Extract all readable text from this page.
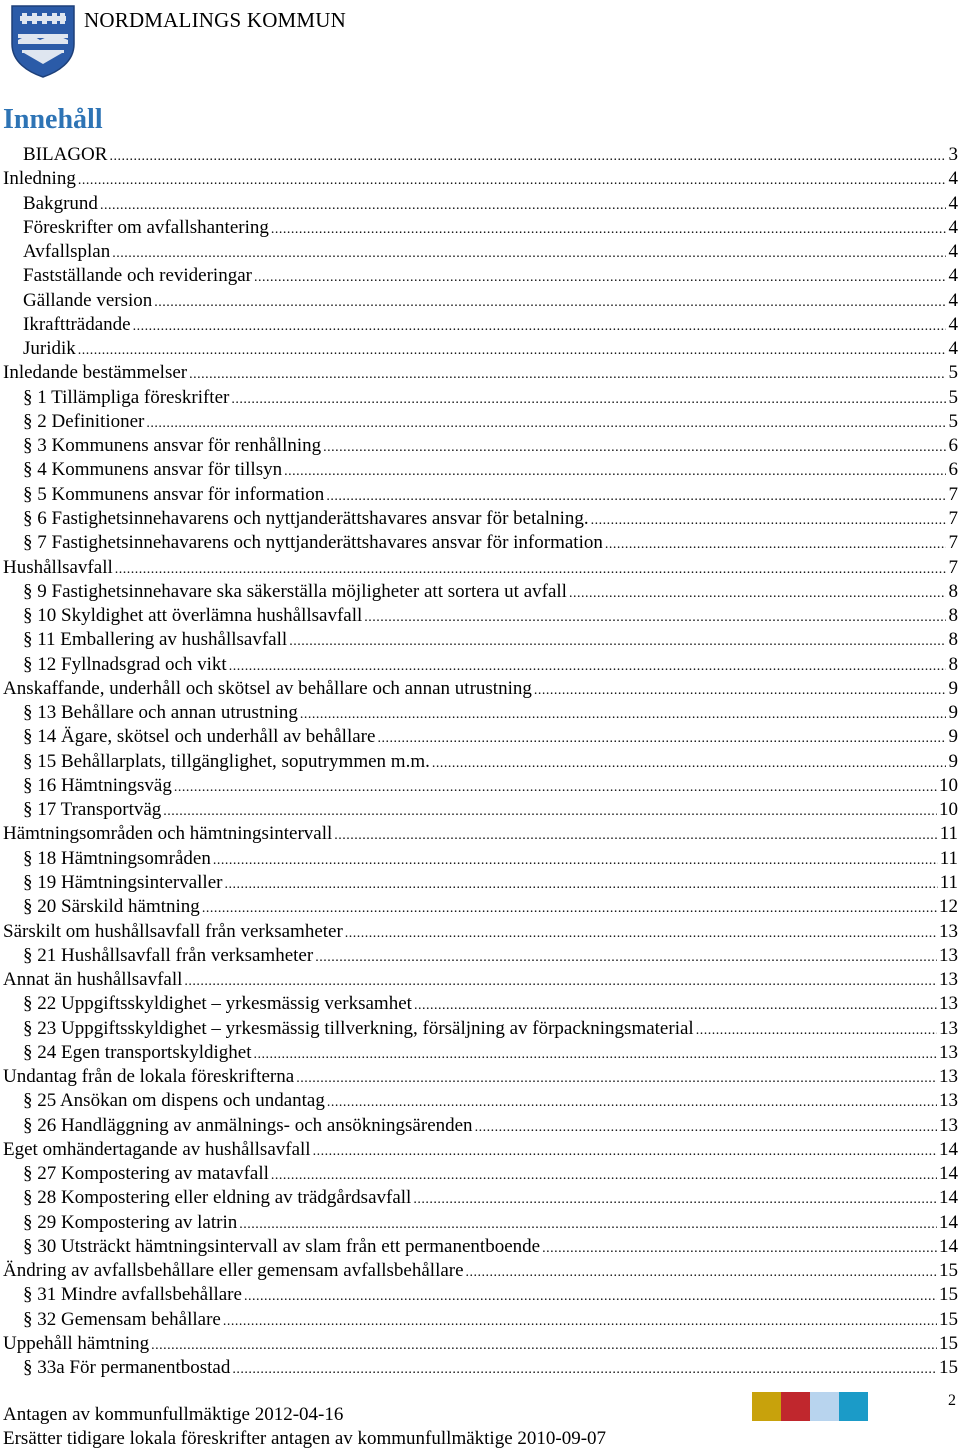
NORDMALINGS KOMMUN
Innehåll
BILAGOR .....	3
Inledning .....	4
Bakgrund .....	4
Föreskrifter om avfallshantering .....	4
Avfallsplan .....	4
Fastställande och revideringar .....	4
Gällande version .....	4
Ikraftträdande .....	4
Juridik .....	4
Inledande bestämmelser .....	5
§ 1 Tillämpliga föreskrifter .....	5
§ 2 Definitioner .....	5
§ 3 Kommunens ansvar för renhållning .....	6
§ 4 Kommunens ansvar för tillsyn .....	6
§ 5 Kommunens ansvar för information .....	7
§ 6 Fastighetsinnehavarens och nyttjanderättshavares ansvar för betalning. .....	7
§ 7 Fastighetsinnehavarens och nyttjanderättshavares ansvar för information .....	7
Hushållsavfall .....	7
§ 9 Fastighetsinnehavare ska säkerställa möjligheter att sortera ut avfall .....	8
§ 10 Skyldighet att överlämna hushållsavfall .....	8
§ 11 Emballering av hushållsavfall .....	8
§ 12 Fyllnadsgrad och vikt .....	8
Anskaffande, underhåll och skötsel av behållare och annan utrustning .....	9
§ 13 Behållare och annan utrustning .....	9
§ 14 Ägare, skötsel och underhåll av behållare .....	9
§ 15 Behållarplats, tillgänglighet, soputrymmen m.m. .....	9
§ 16 Hämtningsväg .....	10
§ 17 Transportväg .....	10
Hämtningsområden och hämtningsintervall .....	11
§ 18 Hämtningsområden .....	11
§ 19 Hämtningsintervaller .....	11
§ 20 Särskild hämtning .....	12
Särskilt om hushållsavfall från verksamheter .....	13
§ 21 Hushållsavfall från verksamheter .....	13
Annat än hushållsavfall .....	13
§ 22 Uppgiftsskyldighet – yrkesmässig verksamhet .....	13
§ 23 Uppgiftsskyldighet – yrkesmässig tillverkning, försäljning av förpackningsmaterial .....	13
§ 24 Egen transportskyldighet .....	13
Undantag från de lokala föreskrifterna .....	13
§ 25 Ansökan om dispens och undantag .....	13
§ 26 Handläggning av anmälnings- och ansökningsärenden .....	13
Eget omhändertagande av hushållsavfall .....	14
§ 27 Kompostering av matavfall .....	14
§ 28 Kompostering eller eldning av trädgårdsavfall .....	14
§ 29 Kompostering av latrin .....	14
§ 30 Utsträckt hämtningsintervall av slam från ett permanentboende .....	14
Ändring av avfallsbehållare eller gemensam avfallsbehållare .....	15
§ 31 Mindre avfallsbehållare .....	15
§ 32 Gemensam behållare .....	15
Uppehåll hämtning .....	15
§ 33a För permanentbostad .....	15
2
Antagen av kommunfullmäktige 2012-04-16
Ersätter tidigare lokala föreskrifter antagen av kommunfullmäktige 2010-09-07
